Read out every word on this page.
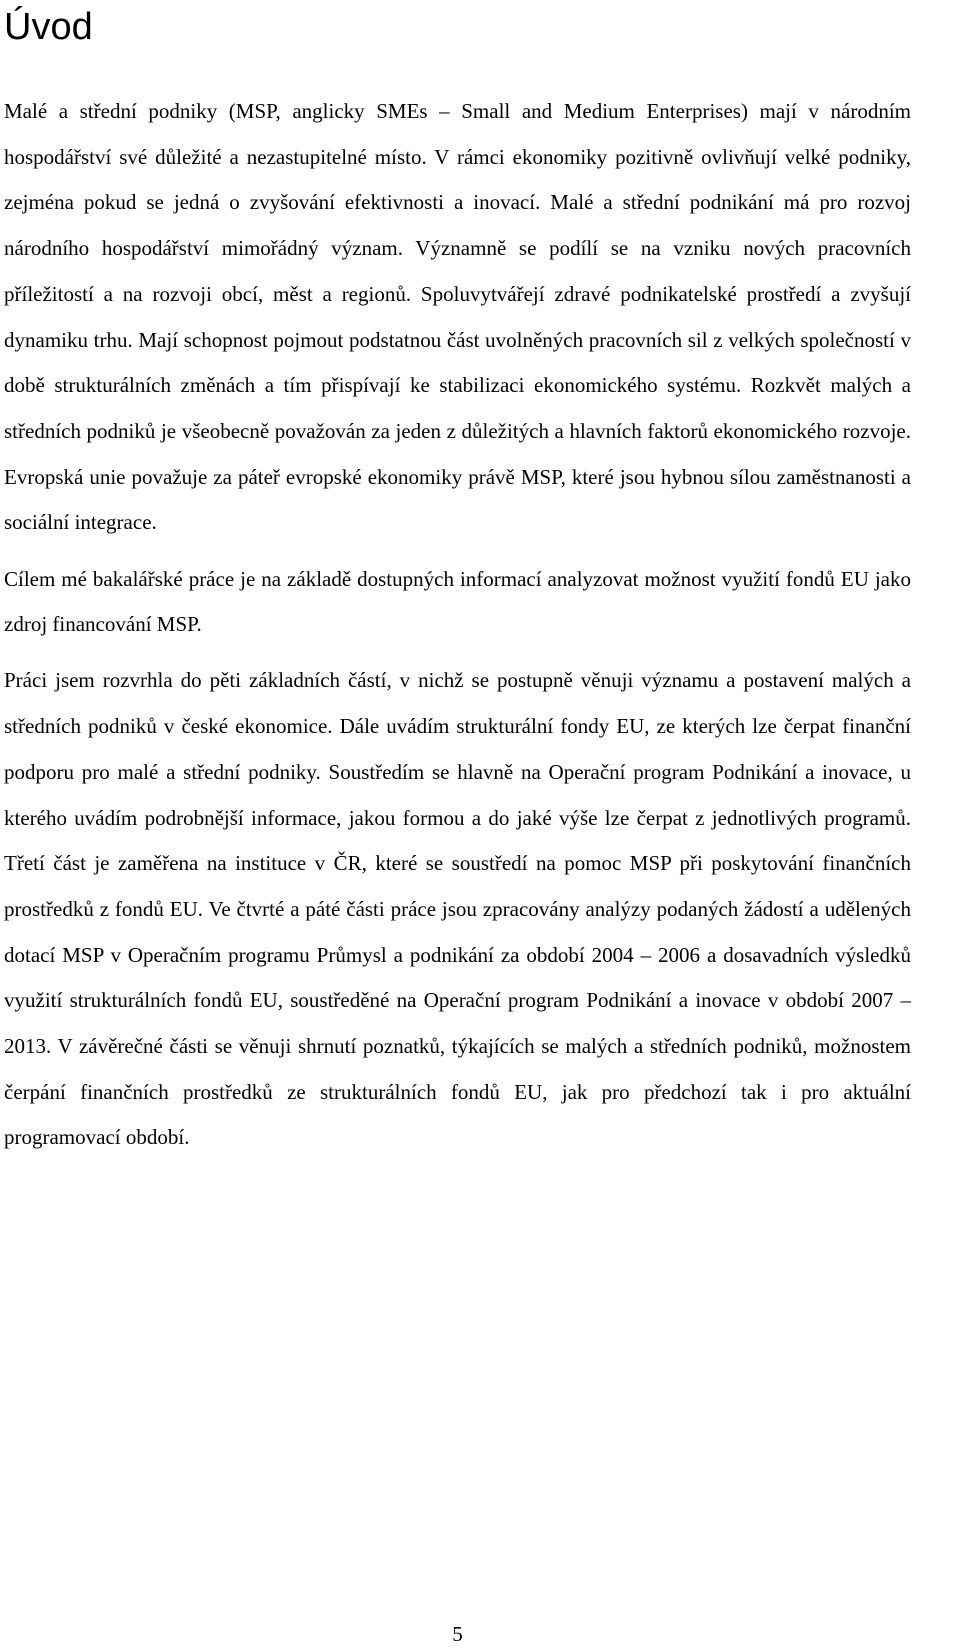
Úvod

Malé a střední podniky (MSP, anglicky SMEs – Small and Medium Enterprises) mají v národním hospodářství své důležité a nezastupitelné místo. V rámci ekonomiky pozitivně ovlivňují velké podniky, zejména pokud se jedná o zvyšování efektivnosti a inovací. Malé a střední podnikání má pro rozvoj národního hospodářství mimořádný význam. Významně se podílí se na vzniku nových pracovních příležitostí a na rozvoji obcí, měst a regionů. Spoluvytvářejí zdravé podnikatelské prostředí a zvyšují dynamiku trhu. Mají schopnost pojmout podstatnou část uvolněných pracovních sil z velkých společností v době strukturálních změnách a tím přispívají ke stabilizaci ekonomického systému. Rozkvět malých a středních podniků je všeobecně považován za jeden z důležitých a hlavních faktorů ekonomického rozvoje. Evropská unie považuje za páteř evropské ekonomiky právě MSP, které jsou hybnou sílou zaměstnanosti a sociální integrace.

Cílem mé bakalářské práce je na základě dostupných informací analyzovat možnost využití fondů EU jako zdroj financování MSP.

Práci jsem rozvrhla do pěti základních částí, v nichž se postupně věnuji významu a postavení malých a středních podniků v české ekonomice. Dále uvádím strukturální fondy EU, ze kterých lze čerpat finanční podporu pro malé a střední podniky. Soustředím se hlavně na Operační program Podnikání a inovace, u kterého uvádím podrobnější informace, jakou formou a do jaké výše lze čerpat z jednotlivých programů. Třetí část je zaměřena na instituce v ČR, které se soustředí na pomoc MSP při poskytování finančních prostředků z fondů EU. Ve čtvrté a páté části práce jsou zpracovány analýzy podaných žádostí a udělených dotací MSP v Operačním programu Průmysl a podnikání za období 2004 – 2006 a dosavadních výsledků využití strukturálních fondů EU, soustředěné na Operační program Podnikání a inovace v období 2007 – 2013. V závěrečné části se věnuji shrnutí poznatků, týkajících se malých a středních podniků, možnostem čerpání finančních prostředků ze strukturálních fondů EU, jak pro předchozí tak i pro aktuální programovací období.

5
